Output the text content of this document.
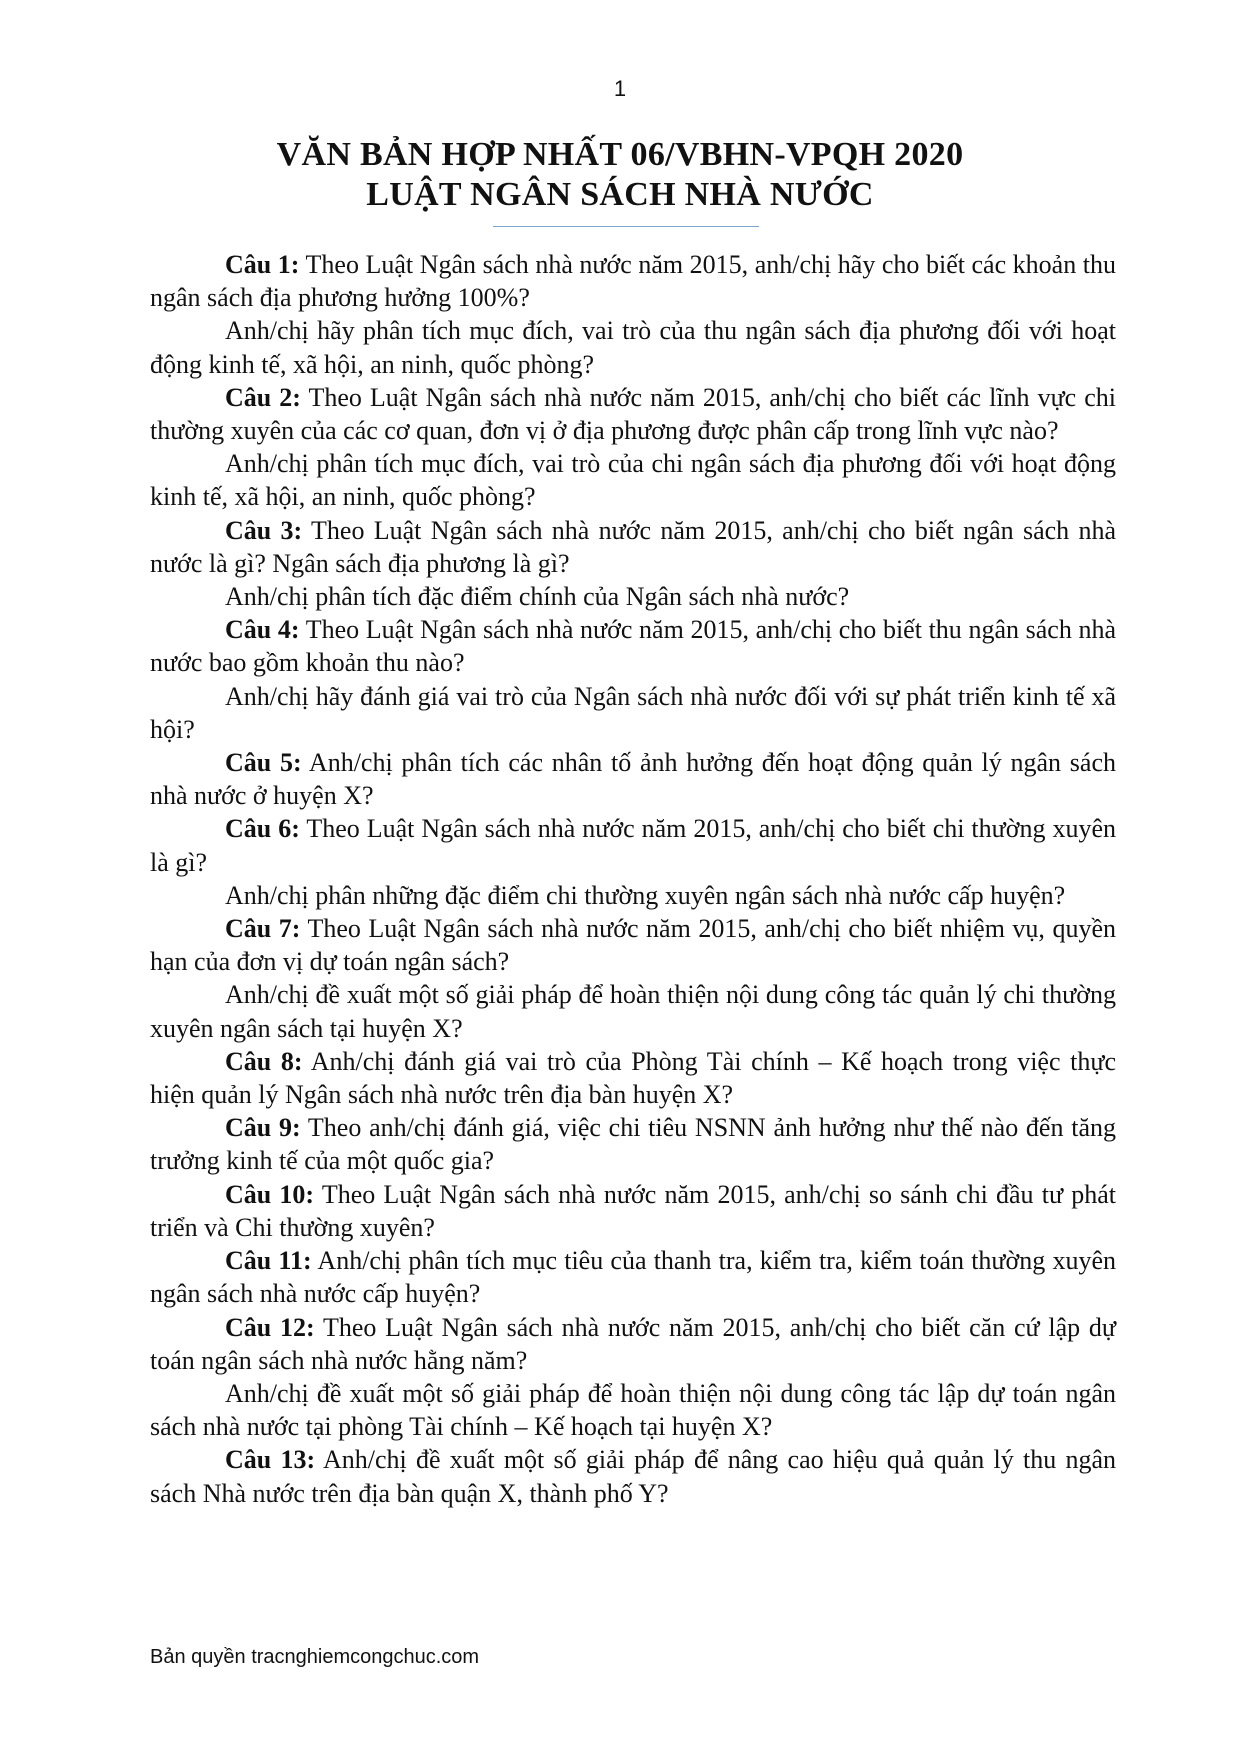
1
VĂN BẢN HỢP NHẤT 06/VBHN-VPQH 2020
LUẬT NGÂN SÁCH NHÀ NƯỚC

Câu 1: Theo Luật Ngân sách nhà nước năm 2015, anh/chị hãy cho biết các khoản thu ngân sách địa phương hưởng 100%?

Anh/chị hãy phân tích mục đích, vai trò của thu ngân sách địa phương đối với hoạt động kinh tế, xã hội, an ninh, quốc phòng?

Câu 2: Theo Luật Ngân sách nhà nước năm 2015, anh/chị cho biết các lĩnh vực chi thường xuyên của các cơ quan, đơn vị ở địa phương được phân cấp trong lĩnh vực nào?

Anh/chị phân tích mục đích, vai trò của chi ngân sách địa phương đối với hoạt động kinh tế, xã hội, an ninh, quốc phòng?

Câu 3: Theo Luật Ngân sách nhà nước năm 2015, anh/chị cho biết ngân sách nhà nước là gì? Ngân sách địa phương là gì?

Anh/chị phân tích đặc điểm chính của Ngân sách nhà nước?

Câu 4: Theo Luật Ngân sách nhà nước năm 2015, anh/chị cho biết thu ngân sách nhà nước bao gồm khoản thu nào?

Anh/chị hãy đánh giá vai trò của Ngân sách nhà nước đối với sự phát triển kinh tế xã hội?

Câu 5: Anh/chị phân tích các nhân tố ảnh hưởng đến hoạt động quản lý ngân sách nhà nước ở huyện X?

Câu 6: Theo Luật Ngân sách nhà nước năm 2015, anh/chị cho biết chi thường xuyên là gì?

Anh/chị phân những đặc điểm chi thường xuyên ngân sách nhà nước cấp huyện?

Câu 7: Theo Luật Ngân sách nhà nước năm 2015, anh/chị cho biết nhiệm vụ, quyền hạn của đơn vị dự toán ngân sách?

Anh/chị đề xuất một số giải pháp để hoàn thiện nội dung công tác quản lý chi thường xuyên ngân sách tại huyện X?

Câu 8: Anh/chị đánh giá vai trò của Phòng Tài chính – Kế hoạch trong việc thực hiện quản lý Ngân sách nhà nước trên địa bàn huyện X?

Câu 9: Theo anh/chị đánh giá, việc chi tiêu NSNN ảnh hưởng như thế nào đến tăng trưởng kinh tế của một quốc gia?

Câu 10: Theo Luật Ngân sách nhà nước năm 2015, anh/chị so sánh chi đầu tư phát triển và Chi thường xuyên?

Câu 11: Anh/chị phân tích mục tiêu của thanh tra, kiểm tra, kiểm toán thường xuyên ngân sách nhà nước cấp huyện?

Câu 12: Theo Luật Ngân sách nhà nước năm 2015, anh/chị cho biết căn cứ lập dự toán ngân sách nhà nước hằng năm?

Anh/chị đề xuất một số giải pháp để hoàn thiện nội dung công tác lập dự toán ngân sách nhà nước tại phòng Tài chính – Kế hoạch tại huyện X?

Câu 13: Anh/chị đề xuất một số giải pháp để nâng cao hiệu quả quản lý thu ngân sách Nhà nước trên địa bàn quận X, thành phố Y?

Bản quyền tracnghiemcongchuc.com
